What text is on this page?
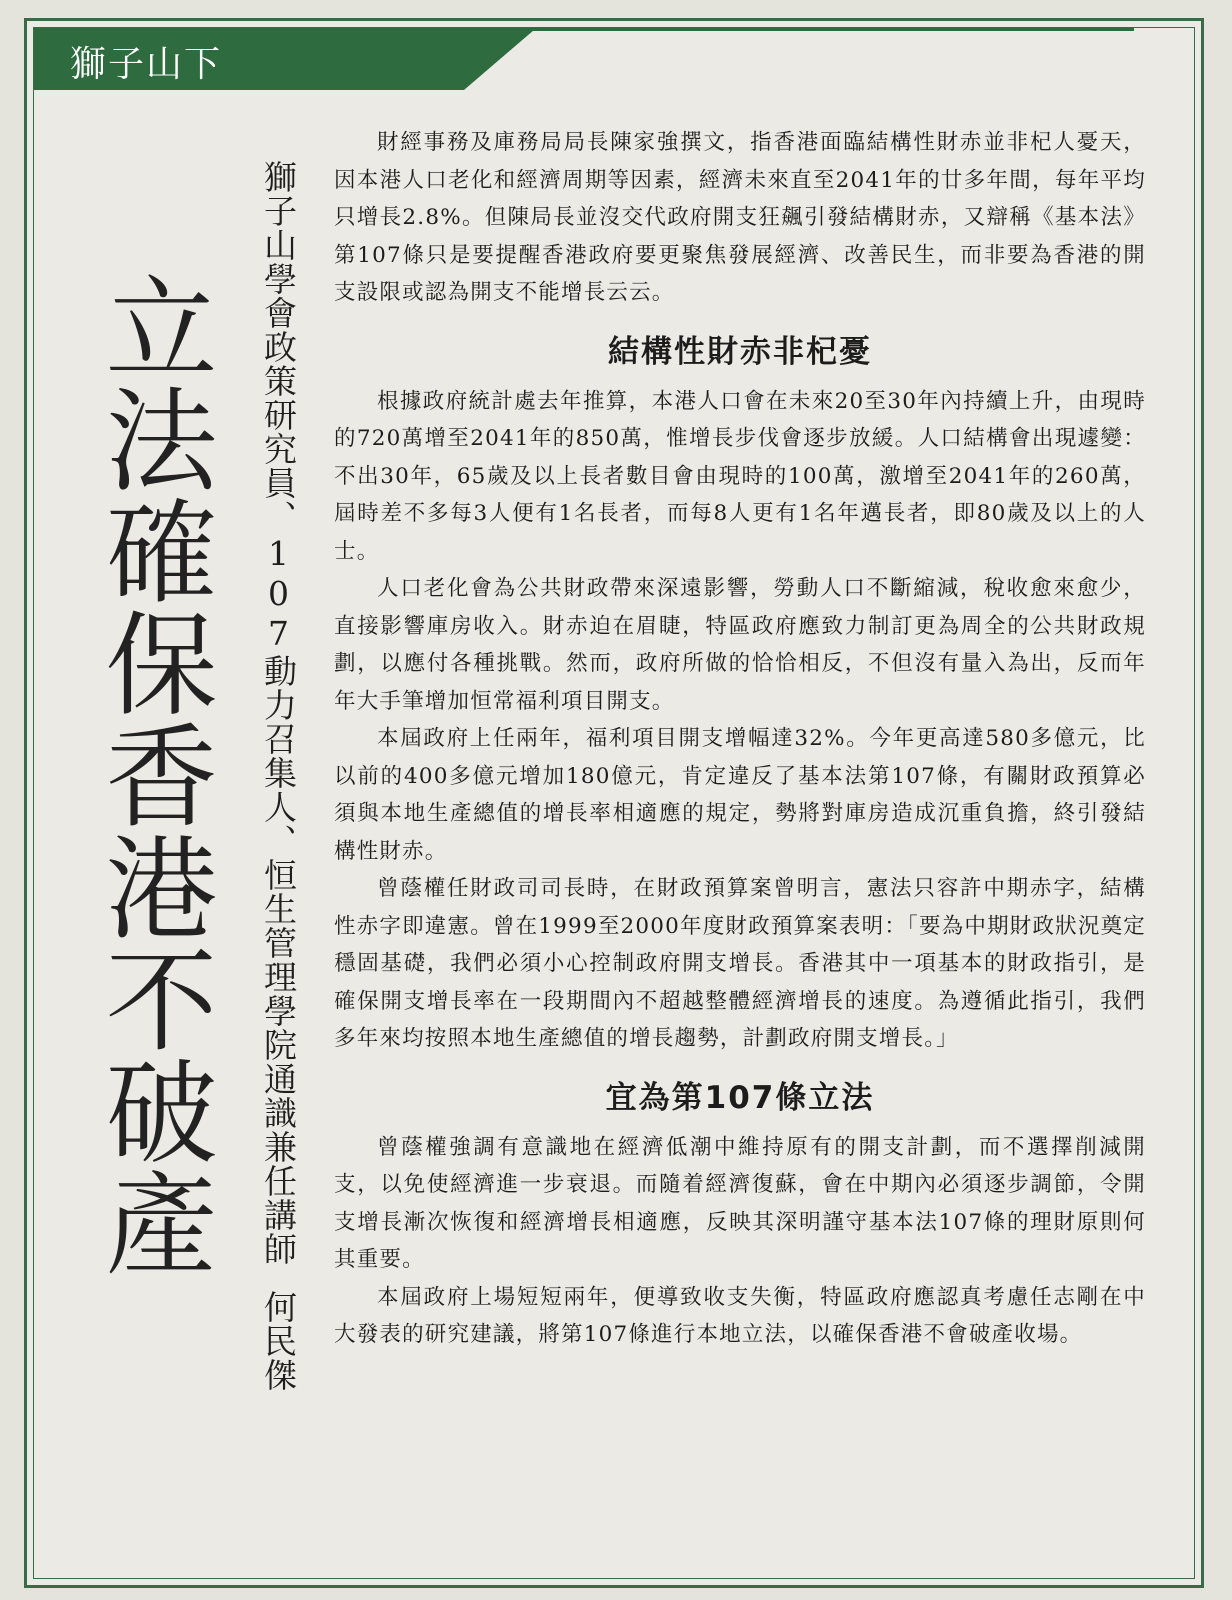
獅子山下
立法確保香港不破產	獅子山學會政策研究員、107動力召集人、恒生管理學院通識兼任講師何民傑

財經事務及庫務局局長陳家強撰文，指香港面臨結構性財赤並非杞人憂天，因本港人口老化和經濟周期等因素，經濟未來直至2041年的廿多年間，每年平均只增長2.8%。但陳局長並沒交代政府開支狂飆引發結構財赤，又辯稱《基本法》第107條只是要提醒香港政府要更聚焦發展經濟、改善民生，而非要為香港的開支設限或認為開支不能增長云云。

結構性財赤非杞憂

根據政府統計處去年推算，本港人口會在未來20至30年內持續上升，由現時的720萬增至2041年的850萬，惟增長步伐會逐步放緩。人口結構會出現遽變：不出30年，65歲及以上長者數目會由現時的100萬，激增至2041年的260萬，屆時差不多每3人便有1名長者，而每8人更有1名年邁長者，即80歲及以上的人士。

人口老化會為公共財政帶來深遠影響，勞動人口不斷縮減，稅收愈來愈少，直接影響庫房收入。財赤迫在眉睫，特區政府應致力制訂更為周全的公共財政規劃，以應付各種挑戰。然而，政府所做的恰恰相反，不但沒有量入為出，反而年年大手筆增加恒常福利項目開支。

本屆政府上任兩年，福利項目開支增幅達32%。今年更高達580多億元，比以前的400多億元增加180億元，肯定違反了基本法第107條，有關財政預算必須與本地生產總值的增長率相適應的規定，勢將對庫房造成沉重負擔，終引發結構性財赤。

曾蔭權任財政司司長時，在財政預算案曾明言，憲法只容許中期赤字，結構性赤字即違憲。曾在1999至2000年度財政預算案表明：「要為中期財政狀況奠定穩固基礎，我們必須小心控制政府開支增長。香港其中一項基本的財政指引，是確保開支增長率在一段期間內不超越整體經濟增長的速度。為遵循此指引，我們多年來均按照本地生產總值的增長趨勢，計劃政府開支增長。」

宜為第107條立法

曾蔭權強調有意識地在經濟低潮中維持原有的開支計劃，而不選擇削減開支，以免使經濟進一步衰退。而隨着經濟復蘇，會在中期內必須逐步調節，令開支增長漸次恢復和經濟增長相適應，反映其深明謹守基本法107條的理財原則何其重要。

本屆政府上場短短兩年，便導致收支失衡，特區政府應認真考慮任志剛在中大發表的研究建議，將第107條進行本地立法，以確保香港不會破產收場。
